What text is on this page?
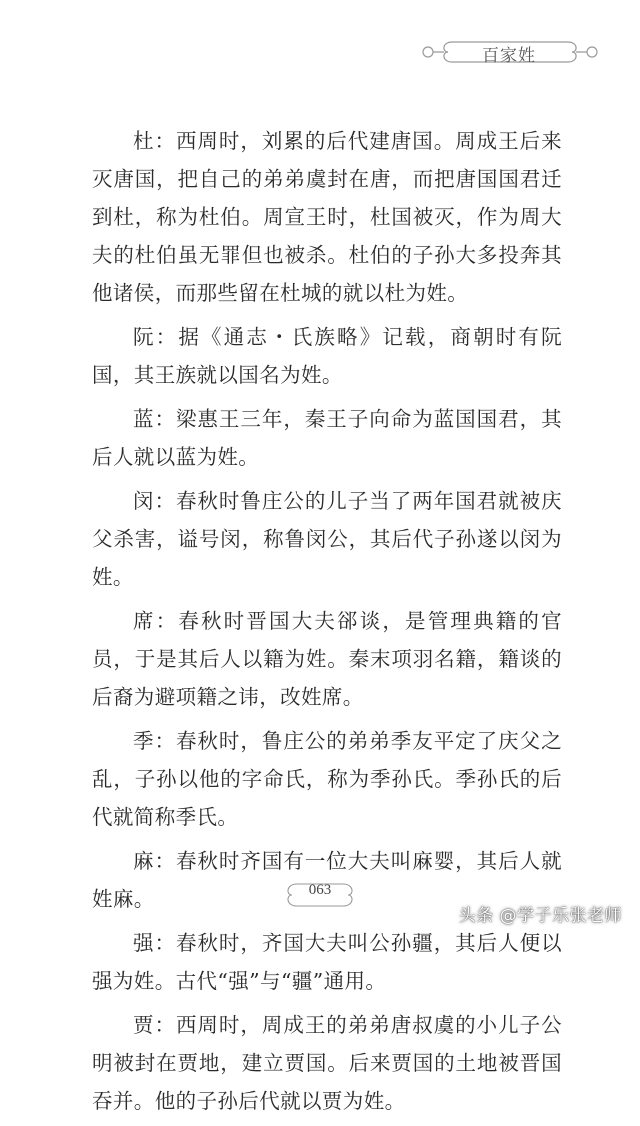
百家姓

杜：西周时，刘累的后代建唐国。周成王后来灭唐国，把自己的弟弟虞封在唐，而把唐国国君迁到杜，称为杜伯。周宣王时，杜国被灭，作为周大夫的杜伯虽无罪但也被杀。杜伯的子孙大多投奔其他诸侯，而那些留在杜城的就以杜为姓。

阮：据《通志・氏族略》记载，商朝时有阮国，其王族就以国名为姓。

蓝：梁惠王三年，秦王子向命为蓝国国君，其后人就以蓝为姓。

闵：春秋时鲁庄公的儿子当了两年国君就被庆父杀害，谥号闵，称鲁闵公，其后代子孙遂以闵为姓。

席：春秋时晋国大夫郤谈，是管理典籍的官员，于是其后人以籍为姓。秦末项羽名籍，籍谈的后裔为避项籍之讳，改姓席。

季：春秋时，鲁庄公的弟弟季友平定了庆父之乱，子孙以他的字命氏，称为季孙氏。季孙氏的后代就简称季氏。

麻：春秋时齐国有一位大夫叫麻婴，其后人就姓麻。

强：春秋时，齐国大夫叫公孙疆，其后人便以强为姓。古代“强”与“疆”通用。

贾：西周时，周成王的弟弟唐叔虞的小儿子公明被封在贾地，建立贾国。后来贾国的土地被晋国吞并。他的子孙后代就以贾为姓。

063
头条 @学子乐张老师
